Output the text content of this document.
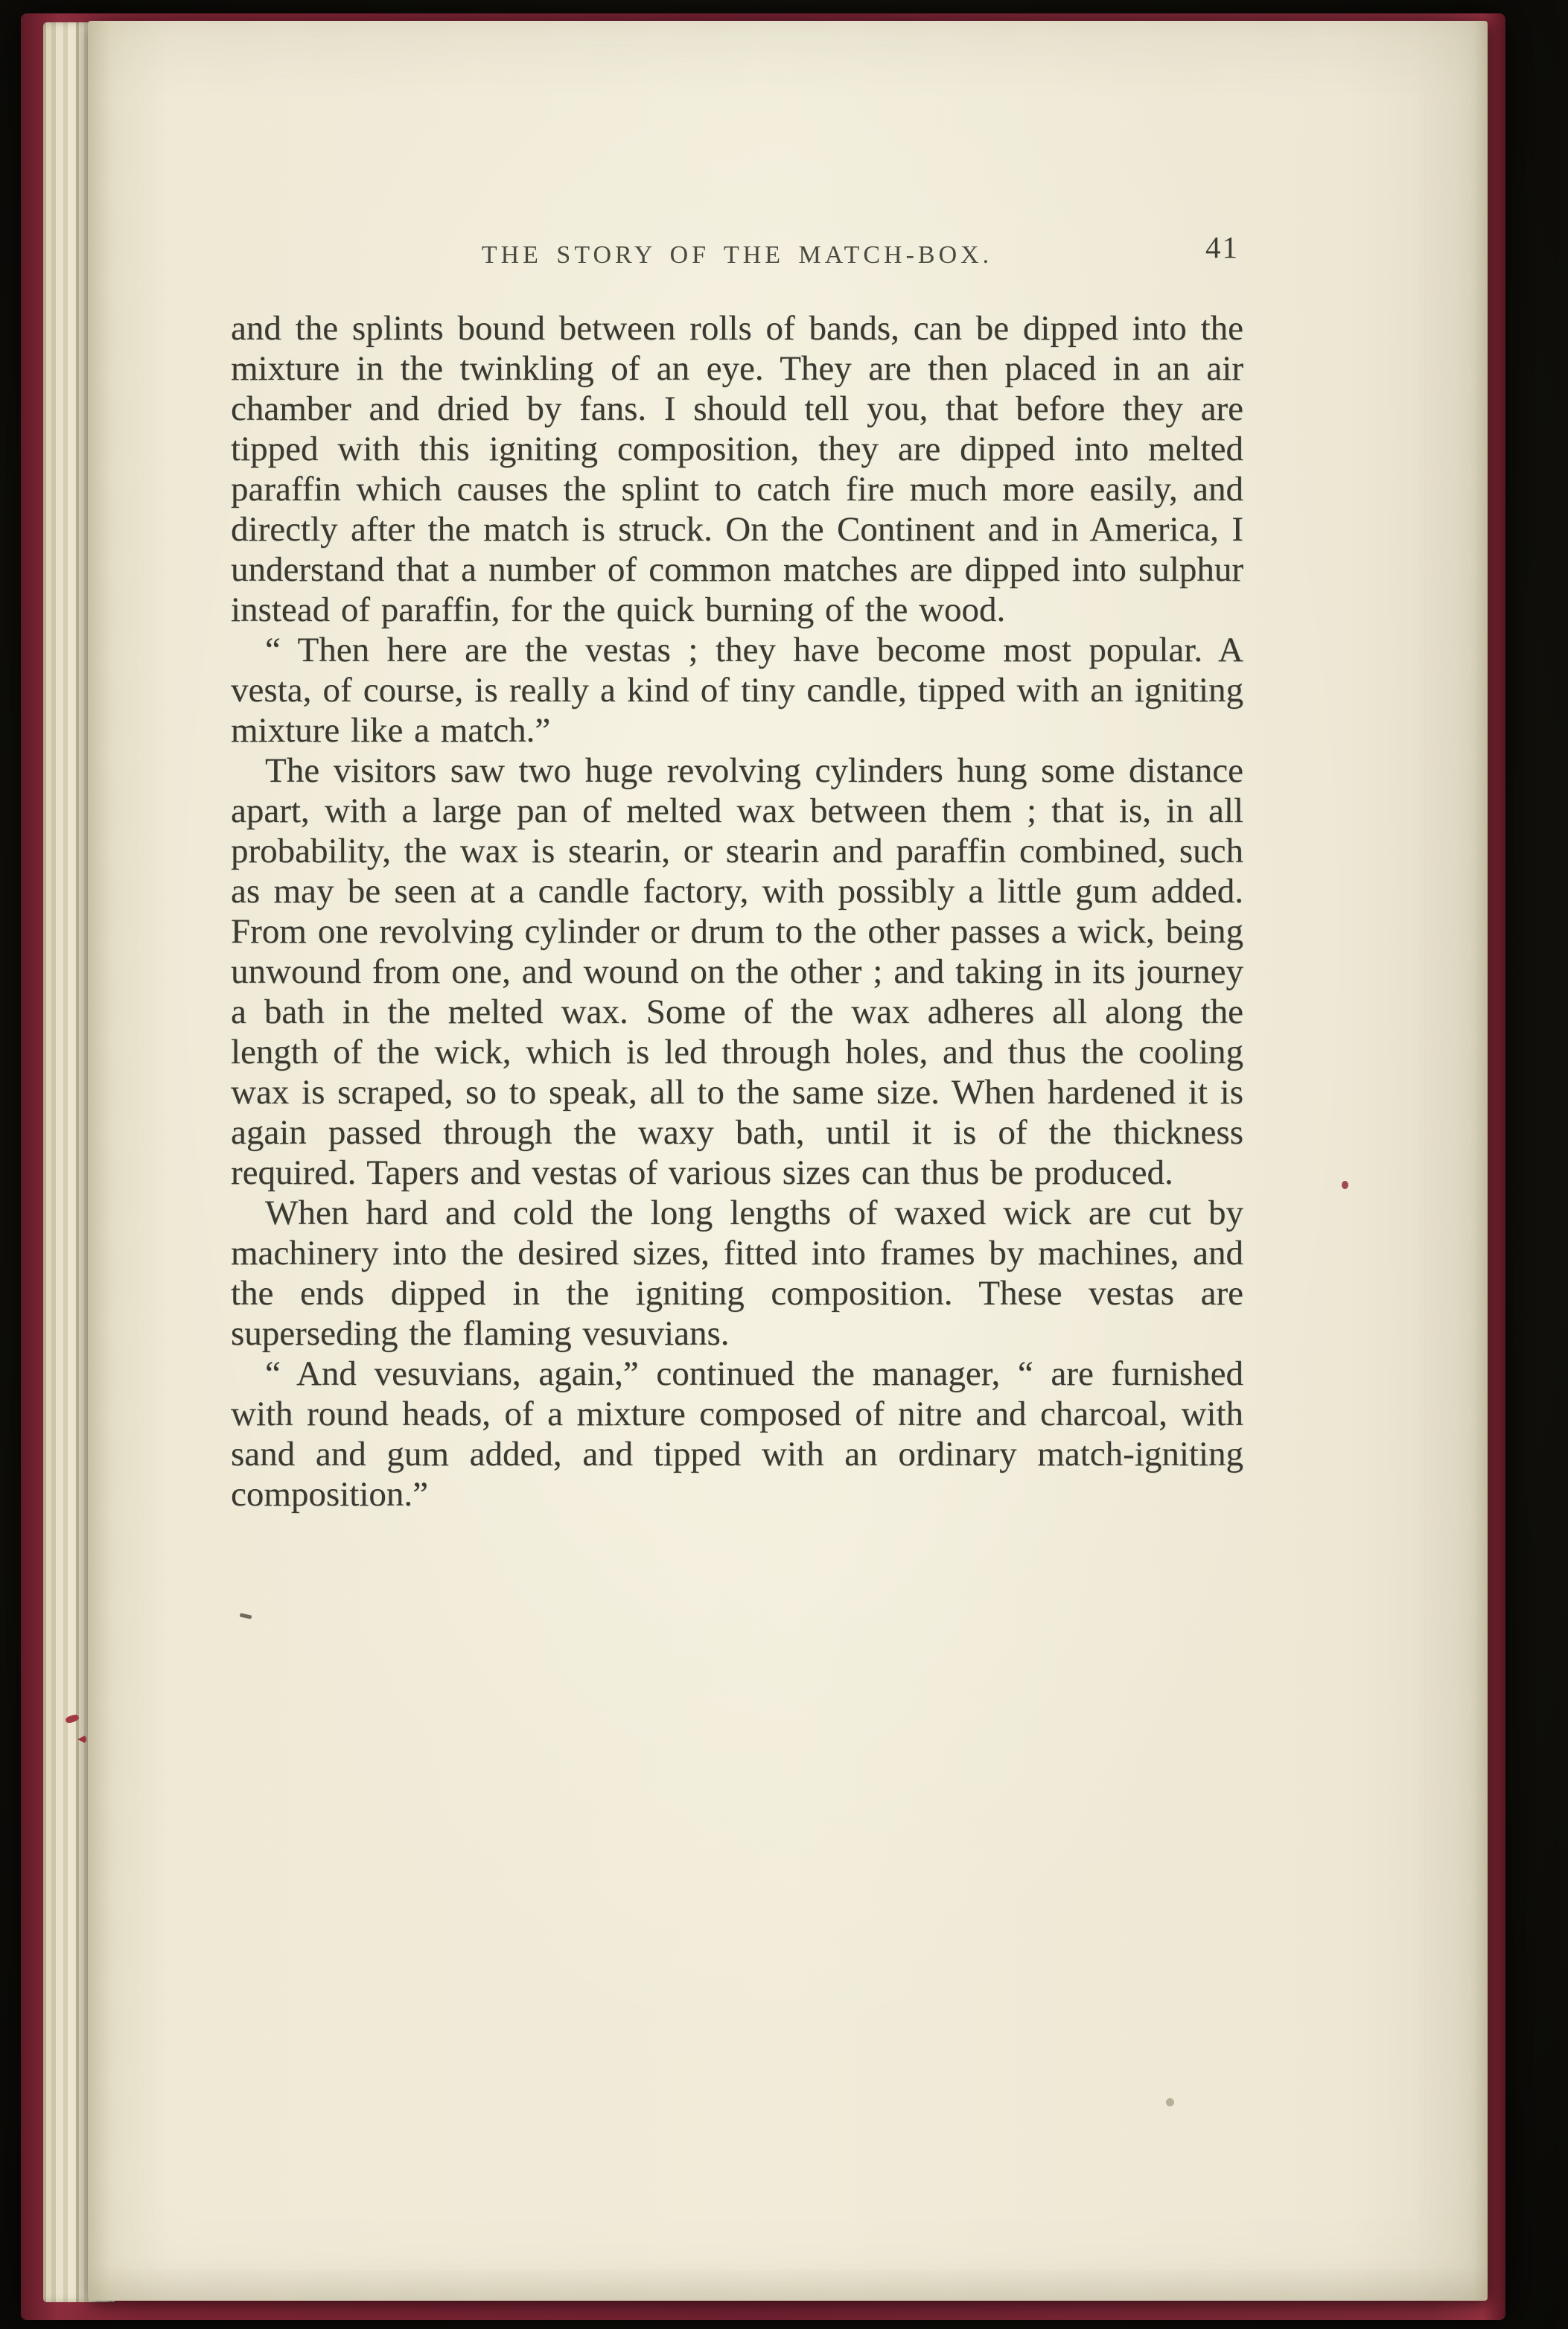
THE STORY OF THE MATCH-BOX.	41

and the splints bound between rolls of bands, can be dipped into the mixture in the twinkling of an eye. They are then placed in an air chamber and dried by fans. I should tell you, that before they are tipped with this igniting composition, they are dipped into melted paraffin which causes the splint to catch fire much more easily, and directly after the match is struck. On the Continent and in America, I understand that a number of common matches are dipped into sulphur instead of paraffin, for the quick burning of the wood.

“ Then here are the vestas ; they have become most popular. A vesta, of course, is really a kind of tiny candle, tipped with an igniting mixture like a match.”

The visitors saw two huge revolving cylinders hung some distance apart, with a large pan of melted wax between them ; that is, in all probability, the wax is stearin, or stearin and paraffin combined, such as may be seen at a candle factory, with possibly a little gum added. From one revolving cylinder or drum to the other passes a wick, being unwound from one, and wound on the other ; and taking in its journey a bath in the melted wax. Some of the wax adheres all along the length of the wick, which is led through holes, and thus the cooling wax is scraped, so to speak, all to the same size. When hardened it is again passed through the waxy bath, until it is of the thickness required. Tapers and vestas of various sizes can thus be produced.

When hard and cold the long lengths of waxed wick are cut by machinery into the desired sizes, fitted into frames by machines, and the ends dipped in the igniting composition. These vestas are superseding the flaming vesuvians.

“ And vesuvians, again,” continued the manager, “ are furnished with round heads, of a mixture composed of nitre and charcoal, with sand and gum added, and tipped with an ordinary match-igniting composition.”
